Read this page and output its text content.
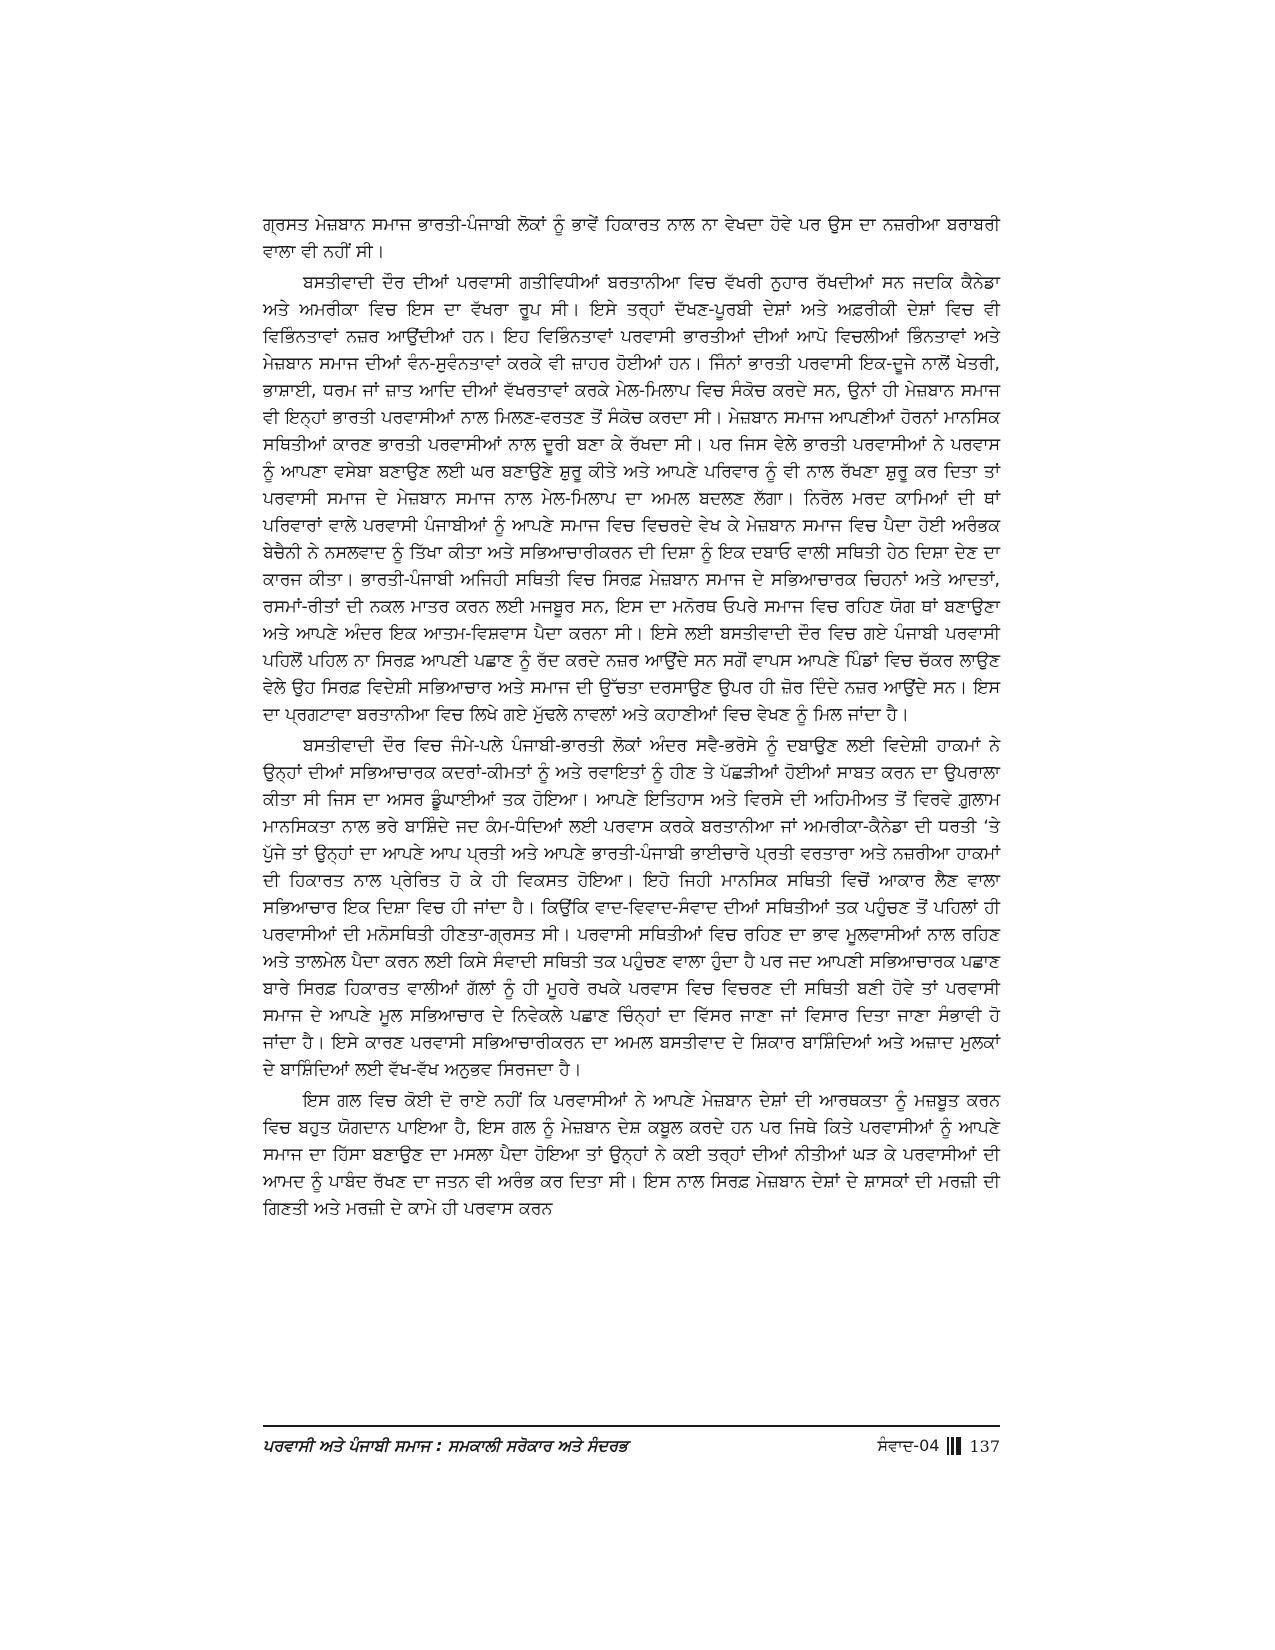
ਗ੍ਰਸਤ ਮੇਜ਼ਬਾਨ ਸਮਾਜ ਭਾਰਤੀ-ਪੰਜਾਬੀ ਲੋਕਾਂ ਨੂੰ ਭਾਵੇਂ ਹਿਕਾਰਤ ਨਾਲ ਨਾ ਵੇਖਦਾ ਹੋਵੇ ਪਰ ਉਸ ਦਾ ਨਜ਼ਰੀਆ ਬਰਾਬਰੀ ਵਾਲਾ ਵੀ ਨਹੀਂ ਸੀ।

ਬਸਤੀਵਾਦੀ ਦੌਰ ਦੀਆਂ ਪਰਵਾਸੀ ਗਤੀਵਿਧੀਆਂ ਬਰਤਾਨੀਆ ਵਿਚ ਵੱਖਰੀ ਨੁਹਾਰ ਰੱਖਦੀਆਂ ਸਨ ਜਦਕਿ ਕੈਨੇਡਾ ਅਤੇ ਅਮਰੀਕਾ ਵਿਚ ਇਸ ਦਾ ਵੱਖਰਾ ਰੂਪ ਸੀ। ਇਸੇ ਤਰ੍ਹਾਂ ਦੱਖਣ-ਪੂਰਬੀ ਦੇਸ਼ਾਂ ਅਤੇ ਅਫ਼ਰੀਕੀ ਦੇਸ਼ਾਂ ਵਿਚ ਵੀ ਵਿਭਿੰਨਤਾਵਾਂ ਨਜ਼ਰ ਆਉਂਦੀਆਂ ਹਨ। ਇਹ ਵਿਭਿੰਨਤਾਵਾਂ ਪਰਵਾਸੀ ਭਾਰਤੀਆਂ ਦੀਆਂ ਆਪੋ ਵਿਚਲੀਆਂ ਭਿੰਨਤਾਵਾਂ ਅਤੇ ਮੇਜ਼ਬਾਨ ਸਮਾਜ ਦੀਆਂ ਵੰਨ-ਸੁਵੰਨਤਾਵਾਂ ਕਰਕੇ ਵੀ ਜ਼ਾਹਰ ਹੋਈਆਂ ਹਨ। ਜਿੰਨਾਂ ਭਾਰਤੀ ਪਰਵਾਸੀ ਇਕ-ਦੂਜੇ ਨਾਲੋਂ ਖੇਤਰੀ, ਭਾਸ਼ਾਈ, ਧਰਮ ਜਾਂ ਜ਼ਾਤ ਆਦਿ ਦੀਆਂ ਵੱਖਰਤਾਵਾਂ ਕਰਕੇ ਮੇਲ-ਮਿਲਾਪ ਵਿਚ ਸੰਕੋਚ ਕਰਦੇ ਸਨ, ਉਨਾਂ ਹੀ ਮੇਜ਼ਬਾਨ ਸਮਾਜ ਵੀ ਇਨ੍ਹਾਂ ਭਾਰਤੀ ਪਰਵਾਸੀਆਂ ਨਾਲ ਮਿਲਣ-ਵਰਤਣ ਤੋਂ ਸੰਕੋਚ ਕਰਦਾ ਸੀ। ਮੇਜ਼ਬਾਨ ਸਮਾਜ ਆਪਣੀਆਂ ਹੋਰਨਾਂ ਮਾਨਸਿਕ ਸਥਿਤੀਆਂ ਕਾਰਣ ਭਾਰਤੀ ਪਰਵਾਸੀਆਂ ਨਾਲ ਦੂਰੀ ਬਣਾ ਕੇ ਰੱਖਦਾ ਸੀ। ਪਰ ਜਿਸ ਵੇਲੇ ਭਾਰਤੀ ਪਰਵਾਸੀਆਂ ਨੇ ਪਰਵਾਸ ਨੂੰ ਆਪਣਾ ਵਸੇਬਾ ਬਣਾਉਣ ਲਈ ਘਰ ਬਣਾਉਣੇ ਸ਼ੁਰੂ ਕੀਤੇ ਅਤੇ ਆਪਣੇ ਪਰਿਵਾਰ ਨੂੰ ਵੀ ਨਾਲ ਰੱਖਣਾ ਸ਼ੁਰੂ ਕਰ ਦਿਤਾ ਤਾਂ ਪਰਵਾਸੀ ਸਮਾਜ ਦੇ ਮੇਜ਼ਬਾਨ ਸਮਾਜ ਨਾਲ ਮੇਲ-ਮਿਲਾਪ ਦਾ ਅਮਲ ਬਦਲਣ ਲੱਗਾ। ਨਿਰੋਲ ਮਰਦ ਕਾਮਿਆਂ ਦੀ ਥਾਂ ਪਰਿਵਾਰਾਂ ਵਾਲੇ ਪਰਵਾਸੀ ਪੰਜਾਬੀਆਂ ਨੂੰ ਆਪਣੇ ਸਮਾਜ ਵਿਚ ਵਿਚਰਦੇ ਵੇਖ ਕੇ ਮੇਜ਼ਬਾਨ ਸਮਾਜ ਵਿਚ ਪੈਦਾ ਹੋਈ ਅਰੰਭਕ ਬੇਚੈਨੀ ਨੇ ਨਸਲਵਾਦ ਨੂੰ ਤਿੱਖਾ ਕੀਤਾ ਅਤੇ ਸਭਿਆਚਾਰੀਕਰਨ ਦੀ ਦਿਸ਼ਾ ਨੂੰ ਇਕ ਦਬਾਓ ਵਾਲੀ ਸਥਿਤੀ ਹੇਠ ਦਿਸ਼ਾ ਦੇਣ ਦਾ ਕਾਰਜ ਕੀਤਾ। ਭਾਰਤੀ-ਪੰਜਾਬੀ ਅਜਿਹੀ ਸਥਿਤੀ ਵਿਚ ਸਿਰਫ਼ ਮੇਜ਼ਬਾਨ ਸਮਾਜ ਦੇ ਸਭਿਆਚਾਰਕ ਚਿਹਨਾਂ ਅਤੇ ਆਦਤਾਂ, ਰਸਮਾਂ-ਰੀਤਾਂ ਦੀ ਨਕਲ ਮਾਤਰ ਕਰਨ ਲਈ ਮਜਬੂਰ ਸਨ, ਇਸ ਦਾ ਮਨੋਰਥ ਓਪਰੇ ਸਮਾਜ ਵਿਚ ਰਹਿਣ ਯੋਗ ਥਾਂ ਬਣਾਉਣਾ ਅਤੇ ਆਪਣੇ ਅੰਦਰ ਇਕ ਆਤਮ-ਵਿਸ਼ਵਾਸ ਪੈਦਾ ਕਰਨਾ ਸੀ। ਇਸੇ ਲਈ ਬਸਤੀਵਾਦੀ ਦੌਰ ਵਿਚ ਗਏ ਪੰਜਾਬੀ ਪਰਵਾਸੀ ਪਹਿਲੋਂ ਪਹਿਲ ਨਾ ਸਿਰਫ਼ ਆਪਣੀ ਪਛਾਣ ਨੂੰ ਰੱਦ ਕਰਦੇ ਨਜ਼ਰ ਆਉਂਦੇ ਸਨ ਸਗੋਂ ਵਾਪਸ ਆਪਣੇ ਪਿੰਡਾਂ ਵਿਚ ਚੱਕਰ ਲਾਉਣ ਵੇਲੇ ਉਹ ਸਿਰਫ਼ ਵਿਦੇਸ਼ੀ ਸਭਿਆਚਾਰ ਅਤੇ ਸਮਾਜ ਦੀ ਉੱਚਤਾ ਦਰਸਾਉਣ ਉਪਰ ਹੀ ਜ਼ੋਰ ਦਿੰਦੇ ਨਜ਼ਰ ਆਉਂਦੇ ਸਨ। ਇਸ ਦਾ ਪ੍ਰਗਟਾਵਾ ਬਰਤਾਨੀਆ ਵਿਚ ਲਿਖੇ ਗਏ ਮੁੱਢਲੇ ਨਾਵਲਾਂ ਅਤੇ ਕਹਾਣੀਆਂ ਵਿਚ ਵੇਖਣ ਨੂੰ ਮਿਲ ਜਾਂਦਾ ਹੈ।

ਬਸਤੀਵਾਦੀ ਦੌਰ ਵਿਚ ਜੰਮੇ-ਪਲੇ ਪੰਜਾਬੀ-ਭਾਰਤੀ ਲੋਕਾਂ ਅੰਦਰ ਸਵੈ-ਭਰੋਸੇ ਨੂੰ ਦਬਾਉਣ ਲਈ ਵਿਦੇਸ਼ੀ ਹਾਕਮਾਂ ਨੇ ਉਨ੍ਹਾਂ ਦੀਆਂ ਸਭਿਆਚਾਰਕ ਕਦਰਾਂ-ਕੀਮਤਾਂ ਨੂੰ ਅਤੇ ਰਵਾਇਤਾਂ ਨੂੰ ਹੀਣ ਤੇ ਪੱਛੜੀਆਂ ਹੋਈਆਂ ਸਾਬਤ ਕਰਨ ਦਾ ਉਪਰਾਲਾ ਕੀਤਾ ਸੀ ਜਿਸ ਦਾ ਅਸਰ ਡੂੰਘਾਈਆਂ ਤਕ ਹੋਇਆ। ਆਪਣੇ ਇਤਿਹਾਸ ਅਤੇ ਵਿਰਸੇ ਦੀ ਅਹਿਮੀਅਤ ਤੋਂ ਵਿਰਵੇ ਗ਼ੁਲਾਮ ਮਾਨਸਿਕਤਾ ਨਾਲ ਭਰੇ ਬਾਸ਼ਿੰਦੇ ਜਦ ਕੰਮ-ਧੰਦਿਆਂ ਲਈ ਪਰਵਾਸ ਕਰਕੇ ਬਰਤਾਨੀਆ ਜਾਂ ਅਮਰੀਕਾ-ਕੈਨੇਡਾ ਦੀ ਧਰਤੀ ‘ਤੇ ਪੁੱਜੇ ਤਾਂ ਉਨ੍ਹਾਂ ਦਾ ਆਪਣੇ ਆਪ ਪ੍ਰਤੀ ਅਤੇ ਆਪਣੇ ਭਾਰਤੀ-ਪੰਜਾਬੀ ਭਾਈਚਾਰੇ ਪ੍ਰਤੀ ਵਰਤਾਰਾ ਅਤੇ ਨਜ਼ਰੀਆ ਹਾਕਮਾਂ ਦੀ ਹਿਕਾਰਤ ਨਾਲ ਪ੍ਰੇਰਿਤ ਹੋ ਕੇ ਹੀ ਵਿਕਸਤ ਹੋਇਆ। ਇਹੋ ਜਿਹੀ ਮਾਨਸਿਕ ਸਥਿਤੀ ਵਿਚੋਂ ਆਕਾਰ ਲੈਣ ਵਾਲਾ ਸਭਿਆਚਾਰ ਇਕ ਦਿਸ਼ਾ ਵਿਚ ਹੀ ਜਾਂਦਾ ਹੈ। ਕਿਉਂਕਿ ਵਾਦ-ਵਿਵਾਦ-ਸੰਵਾਦ ਦੀਆਂ ਸਥਿਤੀਆਂ ਤਕ ਪਹੁੰਚਣ ਤੋਂ ਪਹਿਲਾਂ ਹੀ ਪਰਵਾਸੀਆਂ ਦੀ ਮਨੋਸਥਿਤੀ ਹੀਣਤਾ-ਗ੍ਰਸਤ ਸੀ। ਪਰਵਾਸੀ ਸਥਿਤੀਆਂ ਵਿਚ ਰਹਿਣ ਦਾ ਭਾਵ ਮੂਲਵਾਸੀਆਂ ਨਾਲ ਰਹਿਣ ਅਤੇ ਤਾਲਮੇਲ ਪੈਦਾ ਕਰਨ ਲਈ ਕਿਸੇ ਸੰਵਾਦੀ ਸਥਿਤੀ ਤਕ ਪਹੁੰਚਣ ਵਾਲਾ ਹੁੰਦਾ ਹੈ ਪਰ ਜਦ ਆਪਣੀ ਸਭਿਆਚਾਰਕ ਪਛਾਣ ਬਾਰੇ ਸਿਰਫ਼ ਹਿਕਾਰਤ ਵਾਲੀਆਂ ਗੱਲਾਂ ਨੂੰ ਹੀ ਮੂਹਰੇ ਰਖਕੇ ਪਰਵਾਸ ਵਿਚ ਵਿਚਰਣ ਦੀ ਸਥਿਤੀ ਬਣੀ ਹੋਵੇ ਤਾਂ ਪਰਵਾਸੀ ਸਮਾਜ ਦੇ ਆਪਣੇ ਮੂਲ ਸਭਿਆਚਾਰ ਦੇ ਨਿਵੇਕਲੇ ਪਛਾਣ ਚਿੰਨ੍ਹਾਂ ਦਾ ਵਿੱਸਰ ਜਾਣਾ ਜਾਂ ਵਿਸਾਰ ਦਿਤਾ ਜਾਣਾ ਸੰਭਾਵੀ ਹੋ ਜਾਂਦਾ ਹੈ। ਇਸੇ ਕਾਰਣ ਪਰਵਾਸੀ ਸਭਿਆਚਾਰੀਕਰਨ ਦਾ ਅਮਲ ਬਸਤੀਵਾਦ ਦੇ ਸ਼ਿਕਾਰ ਬਾਸ਼ਿੰਦਿਆਂ ਅਤੇ ਅਜ਼ਾਦ ਮੁਲਕਾਂ ਦੇ ਬਾਸ਼ਿੰਦਿਆਂ ਲਈ ਵੱਖ-ਵੱਖ ਅਨੁਭਵ ਸਿਰਜਦਾ ਹੈ।

ਇਸ ਗਲ ਵਿਚ ਕੋਈ ਦੋ ਰਾਏ ਨਹੀਂ ਕਿ ਪਰਵਾਸੀਆਂ ਨੇ ਆਪਣੇ ਮੇਜ਼ਬਾਨ ਦੇਸ਼ਾਂ ਦੀ ਆਰਥਕਤਾ ਨੂੰ ਮਜ਼ਬੂਤ ਕਰਨ ਵਿਚ ਬਹੁਤ ਯੋਗਦਾਨ ਪਾਇਆ ਹੈ, ਇਸ ਗਲ ਨੂੰ ਮੇਜ਼ਬਾਨ ਦੇਸ਼ ਕਬੂਲ ਕਰਦੇ ਹਨ ਪਰ ਜਿਥੇ ਕਿਤੇ ਪਰਵਾਸੀਆਂ ਨੂੰ ਆਪਣੇ ਸਮਾਜ ਦਾ ਹਿੱਸਾ ਬਣਾਉਣ ਦਾ ਮਸਲਾ ਪੈਦਾ ਹੋਇਆ ਤਾਂ ਉਨ੍ਹਾਂ ਨੇ ਕਈ ਤਰ੍ਹਾਂ ਦੀਆਂ ਨੀਤੀਆਂ ਘੜ ਕੇ ਪਰਵਾਸੀਆਂ ਦੀ ਆਮਦ ਨੂੰ ਪਾਬੰਦ ਰੱਖਣ ਦਾ ਜਤਨ ਵੀ ਅਰੰਭ ਕਰ ਦਿਤਾ ਸੀ। ਇਸ ਨਾਲ ਸਿਰਫ਼ ਮੇਜ਼ਬਾਨ ਦੇਸ਼ਾਂ ਦੇ ਸ਼ਾਸਕਾਂ ਦੀ ਮਰਜ਼ੀ ਦੀ ਗਿਣਤੀ ਅਤੇ ਮਰਜ਼ੀ ਦੇ ਕਾਮੇ ਹੀ ਪਰਵਾਸ ਕਰਨ

ਪਰਵਾਸੀ ਅਤੇ ਪੰਜਾਬੀ ਸਮਾਜ : ਸਮਕਾਲੀ ਸਰੋਕਾਰ ਅਤੇ ਸੰਦਰਭ	ਸੰਵਾਦ-04 137
